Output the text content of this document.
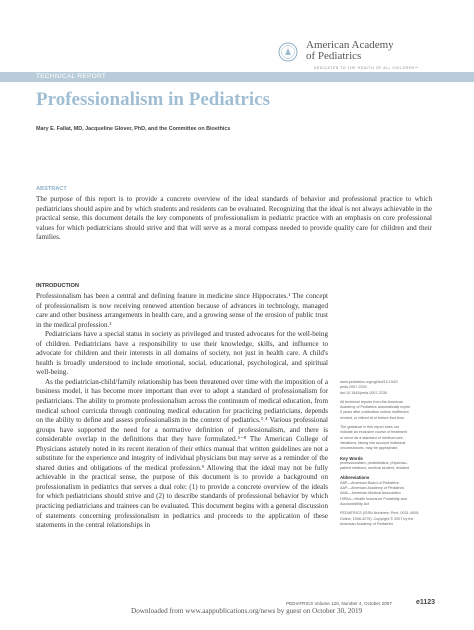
American Academy
of Pediatrics
DEDICATED TO THE HEALTH OF ALL CHILDREN™
TECHNICAL REPORT
Professionalism in Pediatrics
Mary E. Fallat, MD, Jacqueline Glover, PhD, and the Committee on Bioethics
ABSTRACT
The purpose of this report is to provide a concrete overview of the ideal standards of behavior and professional practice to which pediatricians should aspire and by which students and residents can be evaluated. Recognizing that the ideal is not always achievable in the practical sense, this document details the key components of professionalism in pediatric practice with an emphasis on core professional values for which pediatricians should strive and that will serve as a moral compass needed to provide quality care for children and their families.
INTRODUCTION

Professionalism has been a central and defining feature in medicine since Hippocrates.¹ The concept of professionalism is now receiving renewed attention because of advances in technology, managed care and other business arrangements in health care, and a growing sense of the erosion of public trust in the medical profession.²

Pediatricians have a special status in society as privileged and trusted advocates for the well-being of children. Pediatricians have a responsibility to use their knowledge, skills, and influence to advocate for children and their interests in all domains of society, not just in health care. A child's health is broadly understood to include emotional, social, educational, psychological, and spiritual well-being.

As the pediatrician-child/family relationship has been threatened over time with the imposition of a business model, it has become more important than ever to adopt a standard of professionalism for pediatricians. The ability to promote professionalism across the continuum of medical education, from medical school curricula through continuing medical education for practicing pediatricians, depends on the ability to define and assess professionalism in the context of pediatrics.³˒⁴ Various professional groups have supported the need for a normative definition of professionalism, and there is considerable overlap in the definitions that they have formulated.⁵⁻⁸ The American College of Physicians astutely noted in its recent iteration of their ethics manual that written guidelines are not a substitute for the experience and integrity of individual physicians but may serve as a reminder of the shared duties and obligations of the medical profession.⁹ Allowing that the ideal may not be fully achievable in the practical sense, the purpose of this document is to provide a background on professionalism in pediatrics that serves a dual role: (1) to provide a concrete overview of the ideals for which pediatricians should strive and (2) to describe standards of professional behavior by which practicing pediatricians and trainees can be evaluated. This document begins with a general discussion of statements concerning professionalism in pediatrics and proceeds to the application of these statements in the central relationships in

www.pediatrics.org/cgi/doi/10.1542/
peds.2007-2230
doi:10.1542/peds.2007-2230
All technical reports from the American
Academy of Pediatrics automatically expire
5 years after publication unless reaffirmed,
revised, or retired at or before that time.
The guidance in this report does not
indicate an exclusive course of treatment
or serve as a standard of medical care.
Variations, taking into account individual
circumstances, may be appropriate.
Key Words
professionalism, pediatricians, physician–
patient relations, medical student, resident
Abbreviations
ABP—American Board of Pediatrics
AAP—American Academy of Pediatrics
AMA—American Medical Association
HIPAA—Health Insurance Portability and
Accountability Act
PEDIATRICS (ISSN Numbers: Print, 0031-4005;
Online, 1098-4275). Copyright © 2007 by the
American Academy of Pediatrics
PEDIATRICS Volume 120, Number 4, October 2007	e1123
Downloaded from www.aappublications.org/news by guest on October 30, 2019
